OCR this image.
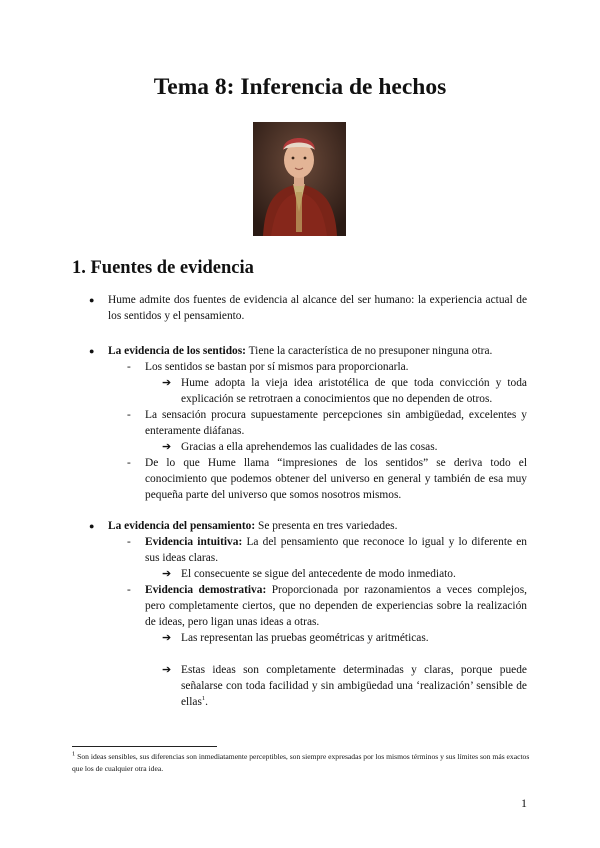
Tema 8: Inferencia de hechos
1. Fuentes de evidencia
● Hume admite dos fuentes de evidencia al alcance del ser humano: la experiencia actual de los sentidos y el pensamiento.
● La evidencia de los sentidos: Tiene la característica de no presuponer ninguna otra.
- Los sentidos se bastan por sí mismos para proporcionarla.
➔ Hume adopta la vieja idea aristotélica de que toda convicción y toda explicación se retrotraen a conocimientos que no dependen de otros.
- La sensación procura supuestamente percepciones sin ambigüedad, excelentes y enteramente diáfanas.
➔ Gracias a ella aprehendemos las cualidades de las cosas.
- De lo que Hume llama “impresiones de los sentidos” se deriva todo el conocimiento que podemos obtener del universo en general y también de esa muy pequeña parte del universo que somos nosotros mismos.
● La evidencia del pensamiento: Se presenta en tres variedades.
- Evidencia intuitiva: La del pensamiento que reconoce lo igual y lo diferente en sus ideas claras.
➔ El consecuente se sigue del antecedente de modo inmediato.
- Evidencia demostrativa: Proporcionada por razonamientos a veces complejos, pero completamente ciertos, que no dependen de experiencias sobre la realización de ideas, pero ligan unas ideas a otras.
➔ Las representan las pruebas geométricas y aritméticas.
➔ Estas ideas son completamente determinadas y claras, porque puede señalarse con toda facilidad y sin ambigüedad una ‘realización’ sensible de ellas$^1$.
$^1$ Son ideas sensibles, sus diferencias son inmediatamente perceptibles, son siempre expresadas por los mismos términos y sus límites son más exactos que los de cualquier otra idea.
1
